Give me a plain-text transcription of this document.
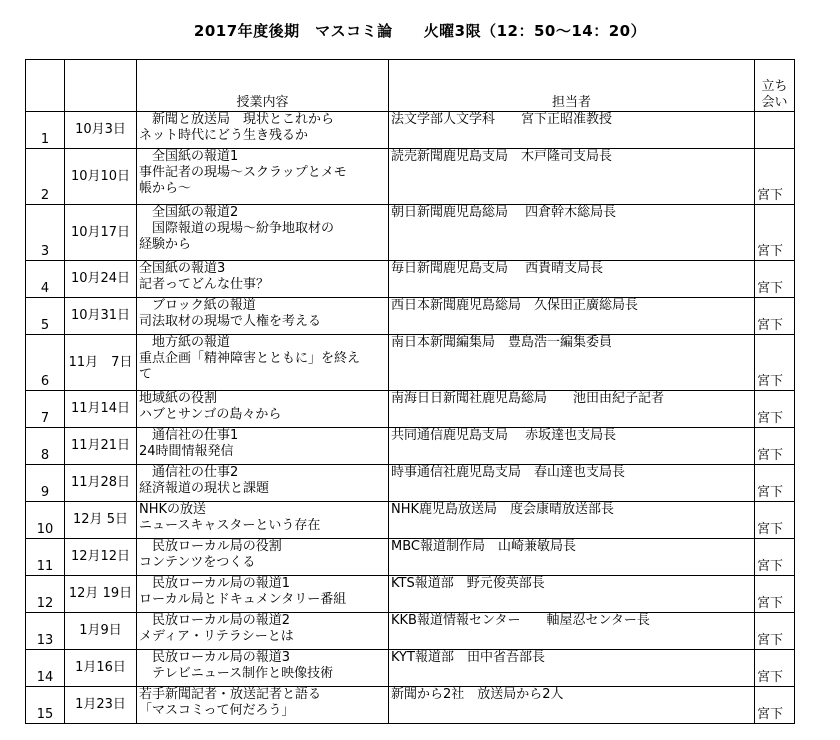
2017年度後期　マスコミ論　　火曜3限（12：50～14：20）
		授業内容	担当者	立ち会い
1	10月3日	　新聞と放送局　現状とこれから
ネット時代にどう生き残るか	法文学部人文学科　　宮下正昭准教授	
2	10月10日	　全国紙の報道1
事件記者の現場～スクラップとメモ
帳から～	読売新聞鹿児島支局　木戸隆司支局長	宮下
3	10月17日	　全国紙の報道2
　国際報道の現場～紛争地取材の
経験から	朝日新聞鹿児島総局　 四倉幹木総局長	宮下
4	10月24日	全国紙の報道3
記者ってどんな仕事？	毎日新聞鹿児島支局　 西貴晴支局長	宮下
5	10月31日	　ブロック紙の報道
司法取材の現場で人権を考える	西日本新聞鹿児島総局　久保田正廣総局長	宮下
6	11月　7日	　地方紙の報道
重点企画「精神障害とともに」を終え
て	南日本新聞編集局　豊島浩一編集委員	宮下
7	11月14日	地域紙の役割
ハブとサンゴの島々から	南海日日新聞社鹿児島総局　　池田由紀子記者	宮下
8	11月21日	　通信社の仕事1
24時間情報発信	共同通信鹿児島支局　 赤坂達也支局長	宮下
9	11月28日	　通信社の仕事2
経済報道の現状と課題	時事通信社鹿児島支局　春山達也支局長	宮下
10	12月 5日	NHKの放送
ニュースキャスターという存在	NHK鹿児島放送局　度会康晴放送部長	宮下
11	12月12日	　民放ローカル局の役割
コンテンツをつくる	MBC報道制作局　山崎兼敏局長	宮下
12	12月 19日	　民放ローカル局の報道1
ローカル局とドキュメンタリー番組	KTS報道部　野元俊英部長	宮下
13	1月9日	　民放ローカル局の報道2
メディア・リテラシーとは	KKB報道情報センター　　軸屋忍センター長	宮下
14	1月16日	　民放ローカル局の報道3
　テレビニュース制作と映像技術	KYT報道部　田中省吾部長	宮下
15	1月23日	若手新聞記者・放送記者と語る
「マスコミって何だろう」	新聞から2社　放送局から2人	宮下
